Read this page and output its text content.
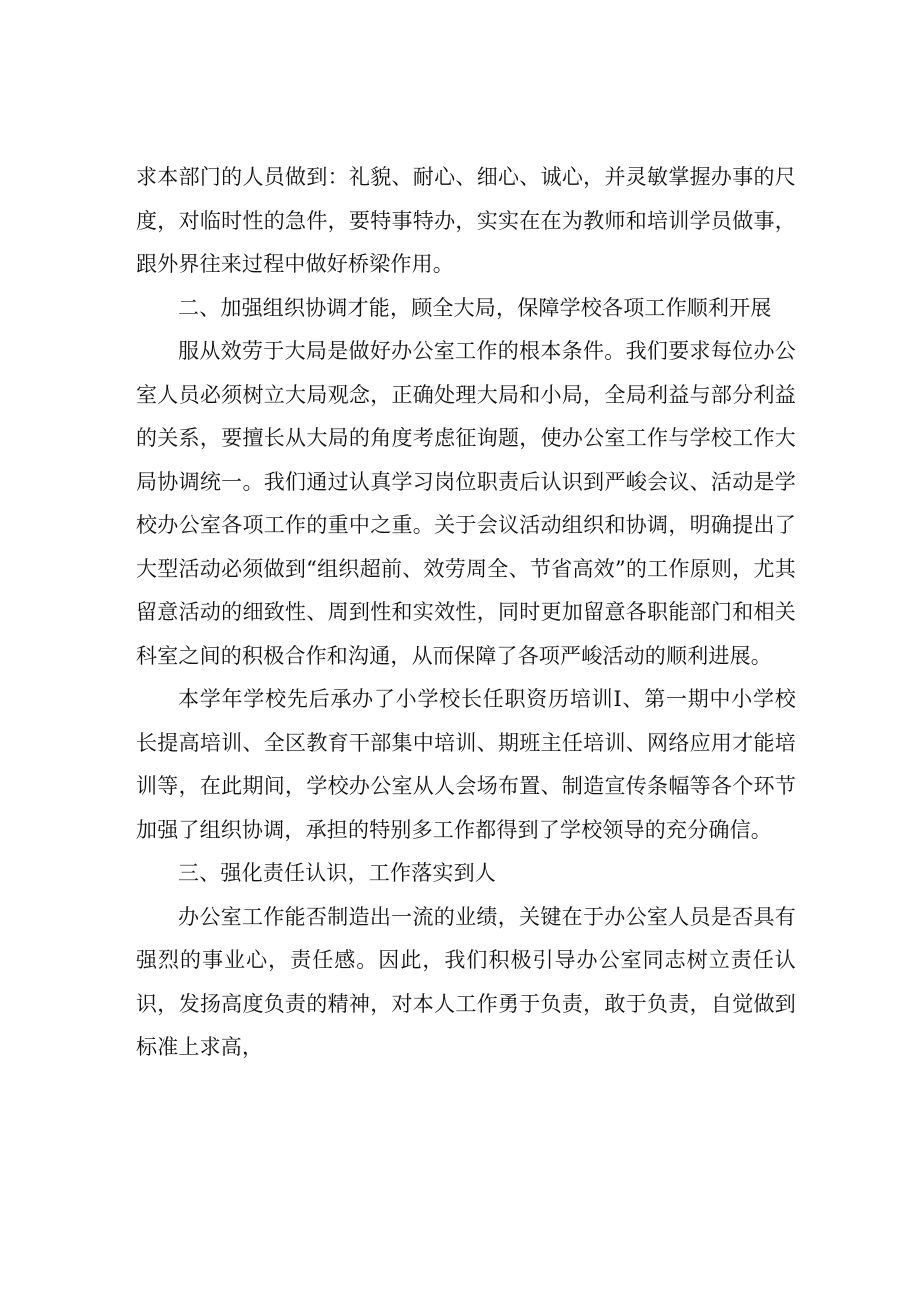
求本部门的人员做到：礼貌、耐心、细心、诚心，并灵敏掌握办事的尺度，对临时性的急件，要特事特办，实实在在为教师和培训学员做事，跟外界往来过程中做好桥梁作用。

二、加强组织协调才能，顾全大局，保障学校各项工作顺利开展

服从效劳于大局是做好办公室工作的根本条件。我们要求每位办公室人员必须树立大局观念，正确处理大局和小局，全局利益与部分利益的关系，要擅长从大局的角度考虑征询题，使办公室工作与学校工作大局协调统一。我们通过认真学习岗位职责后认识到严峻会议、活动是学校办公室各项工作的重中之重。关于会议活动组织和协调，明确提出了大型活动必须做到“组织超前、效劳周全、节省高效”的工作原则，尤其留意活动的细致性、周到性和实效性，同时更加留意各职能部门和相关科室之间的积极合作和沟通，从而保障了各项严峻活动的顺利进展。

本学年学校先后承办了小学校长任职资历培训Ⅰ、第一期中小学校长提高培训、全区教育干部集中培训、期班主任培训、网络应用才能培训等，在此期间，学校办公室从人会场布置、制造宣传条幅等各个环节加强了组织协调，承担的特别多工作都得到了学校领导的充分确信。

三、强化责任认识，工作落实到人

办公室工作能否制造出一流的业绩，关键在于办公室人员是否具有强烈的事业心，责任感。因此，我们积极引导办公室同志树立责任认识，发扬高度负责的精神，对本人工作勇于负责，敢于负责，自觉做到标准上求高，
